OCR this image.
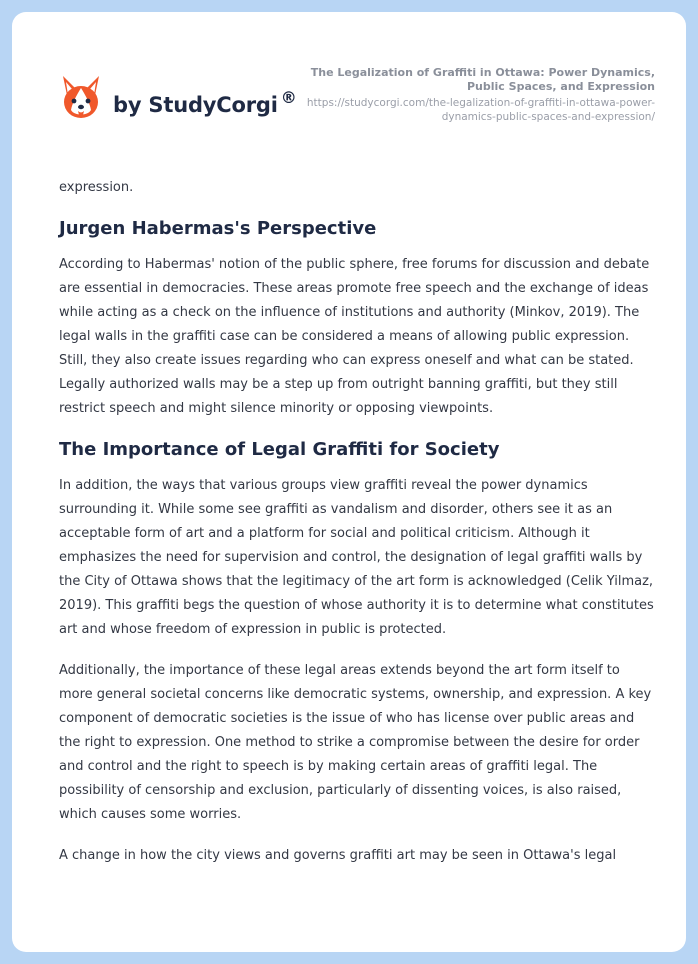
by StudyCorgi ®
The Legalization of Graffiti in Ottawa: Power Dynamics, Public Spaces, and Expression
https://studycorgi.com/the-legalization-of-graffiti-in-ottawa-power-dynamics-public-spaces-and-expression/

expression.

Jurgen Habermas's Perspective

According to Habermas' notion of the public sphere, free forums for discussion and debate are essential in democracies. These areas promote free speech and the exchange of ideas while acting as a check on the influence of institutions and authority (Minkov, 2019). The legal walls in the graffiti case can be considered a means of allowing public expression. Still, they also create issues regarding who can express oneself and what can be stated. Legally authorized walls may be a step up from outright banning graffiti, but they still restrict speech and might silence minority or opposing viewpoints.

The Importance of Legal Graffiti for Society

In addition, the ways that various groups view graffiti reveal the power dynamics surrounding it. While some see graffiti as vandalism and disorder, others see it as an acceptable form of art and a platform for social and political criticism. Although it emphasizes the need for supervision and control, the designation of legal graffiti walls by the City of Ottawa shows that the legitimacy of the art form is acknowledged (Celik Yilmaz, 2019). This graffiti begs the question of whose authority it is to determine what constitutes art and whose freedom of expression in public is protected.

Additionally, the importance of these legal areas extends beyond the art form itself to more general societal concerns like democratic systems, ownership, and expression. A key component of democratic societies is the issue of who has license over public areas and the right to expression. One method to strike a compromise between the desire for order and control and the right to speech is by making certain areas of graffiti legal. The possibility of censorship and exclusion, particularly of dissenting voices, is also raised, which causes some worries.

A change in how the city views and governs graffiti art may be seen in Ottawa's legal
